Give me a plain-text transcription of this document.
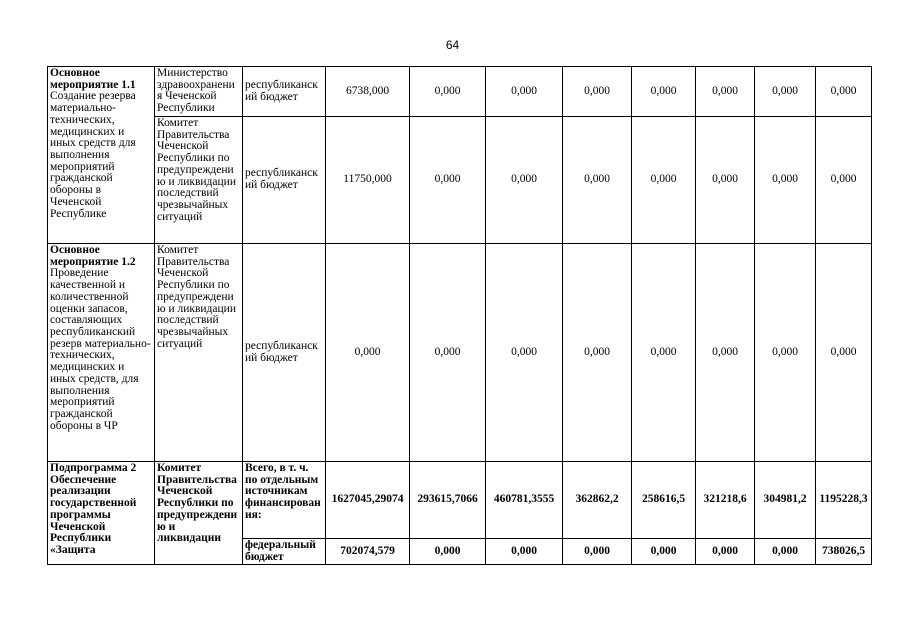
64
Основное мероприятие 1.1
Создание резерва материально-технических, медицинских и иных средств для выполнения мероприятий гражданской обороны в Чеченской Республике	Министерство здравоохранения Чеченской Республики	республиканский бюджет	6738,000	0,000	0,000	0,000	0,000	0,000	0,000	0,000
	Комитет Правительства Чеченской Республики по предупреждению и ликвидации последствий чрезвычайных ситуаций	республиканский бюджет	11750,000	0,000	0,000	0,000	0,000	0,000	0,000	0,000

Основное мероприятие 1.2
Проведение качественной и количественной оценки запасов, составляющих республиканский резерв материально-технических, медицинских и иных средств, для выполнения мероприятий гражданской обороны в ЧР	Комитет Правительства Чеченской Республики по предупреждению и ликвидации последствий чрезвычайных ситуаций	республиканский бюджет	0,000	0,000	0,000	0,000	0,000	0,000	0,000	0,000
Подпрограмма 2 Обеспечение реализации государственной программы Чеченской Республики «Защита	Комитет Правительства Чеченской Республики по предупреждению и ликвидации	Всего, в т. ч. по отдельным источникам финансирования:	1627045,29074	293615,7066	460781,3555	362862,2	258616,5	321218,6	304981,2	1195228,3
		федеральный бюджет	702074,579	0,000	0,000	0,000	0,000	0,000	0,000	738026,5
